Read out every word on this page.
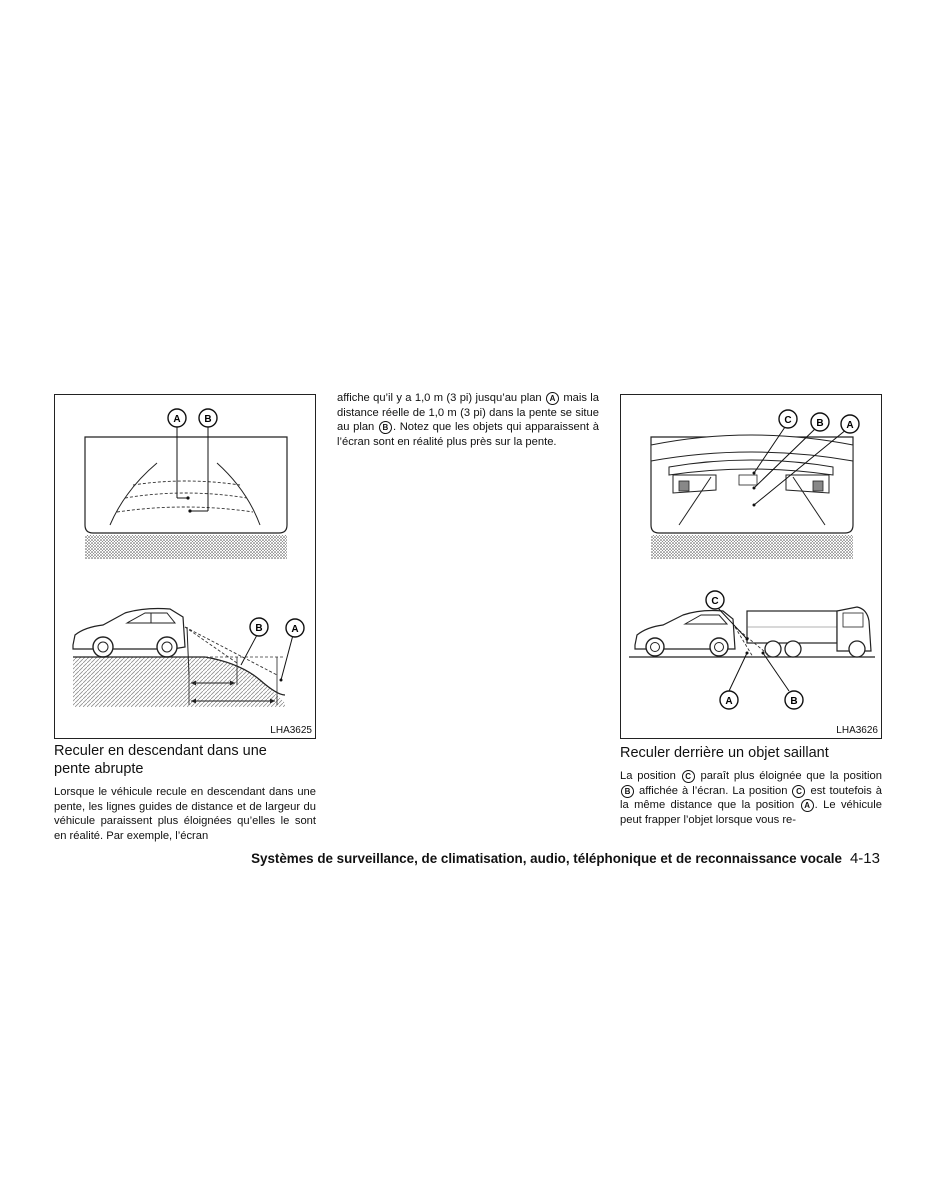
A B
B	A
LHA3625
Reculer en descendant dans une
pente abrupte

Lorsque le véhicule recule en descendant dans une pente, les lignes guides de distance et de largeur du véhicule paraissent plus éloignées qu’elles le sont en réalité. Par exemple, l’écran

affiche qu’il y a 1,0 m (3 pi) jusqu’au plan A mais la distance réelle de 1,0 m (3 pi) dans la pente se situe au plan B . Notez que les objets qui apparaissent à l’écran sont en réalité plus près sur la pente.

C B A
C
A	B
LHA3626
Reculer derrière un objet saillant

La position C paraît plus éloignée que la position B affichée à l’écran. La position C est toutefois à la même distance que la position A . Le véhicule peut frapper l’objet lorsque vous re-

Systèmes de surveillance, de climatisation, audio, téléphonique et de reconnaissance vocale 4-13
